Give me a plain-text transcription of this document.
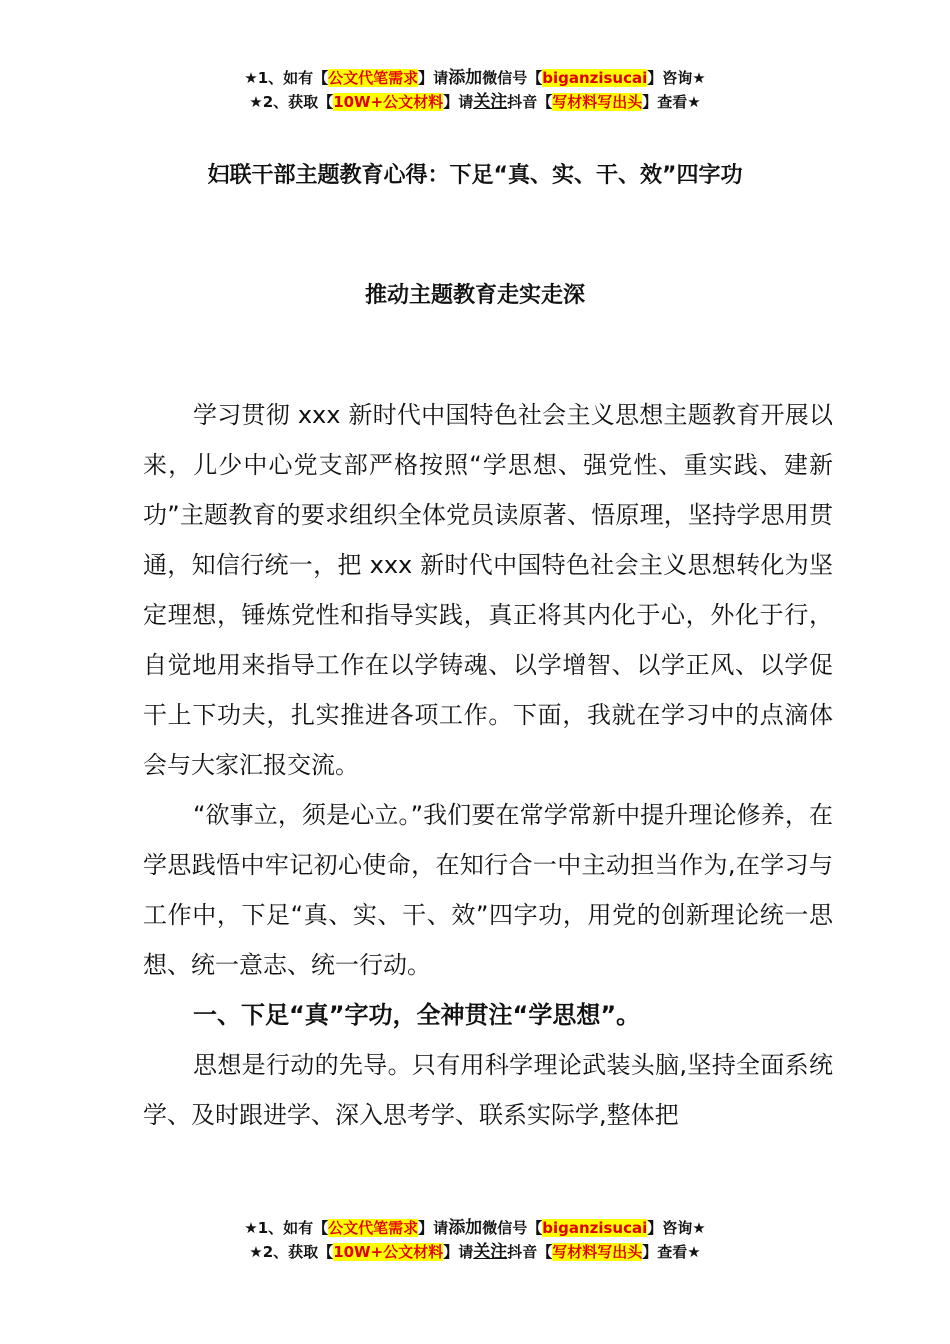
★1、如有【公文代笔需求】请添加微信号【biganzisucai】咨询★
★2、获取【10W+公文材料】请关注抖音【写材料写出头】查看★
妇联干部主题教育心得：下足“真、实、干、效”四字功
推动主题教育走实走深

学习贯彻 xxx 新时代中国特色社会主义思想主题教育开展以来，儿少中心党支部严格按照“学思想、强党性、重实践、建新功”主题教育的要求组织全体党员读原著、悟原理，坚持学思用贯通，知信行统一，把 xxx 新时代中国特色社会主义思想转化为坚定理想，锤炼党性和指导实践，真正将其内化于心，外化于行，自觉地用来指导工作在以学铸魂、以学增智、以学正风、以学促干上下功夫，扎实推进各项工作。下面，我就在学习中的点滴体会与大家汇报交流。

“欲事立，须是心立。”我们要在常学常新中提升理论修养，在学思践悟中牢记初心使命，在知行合一中主动担当作为,在学习与工作中，下足“真、实、干、效”四字功，用党的创新理论统一思想、统一意志、统一行动。

一、下足“真”字功，全神贯注“学思想”。

思想是行动的先导。只有用科学理论武装头脑,坚持全面系统学、及时跟进学、深入思考学、联系实际学,整体把

★1、如有【公文代笔需求】请添加微信号【biganzisucai】咨询★
★2、获取【10W+公文材料】请关注抖音【写材料写出头】查看★
